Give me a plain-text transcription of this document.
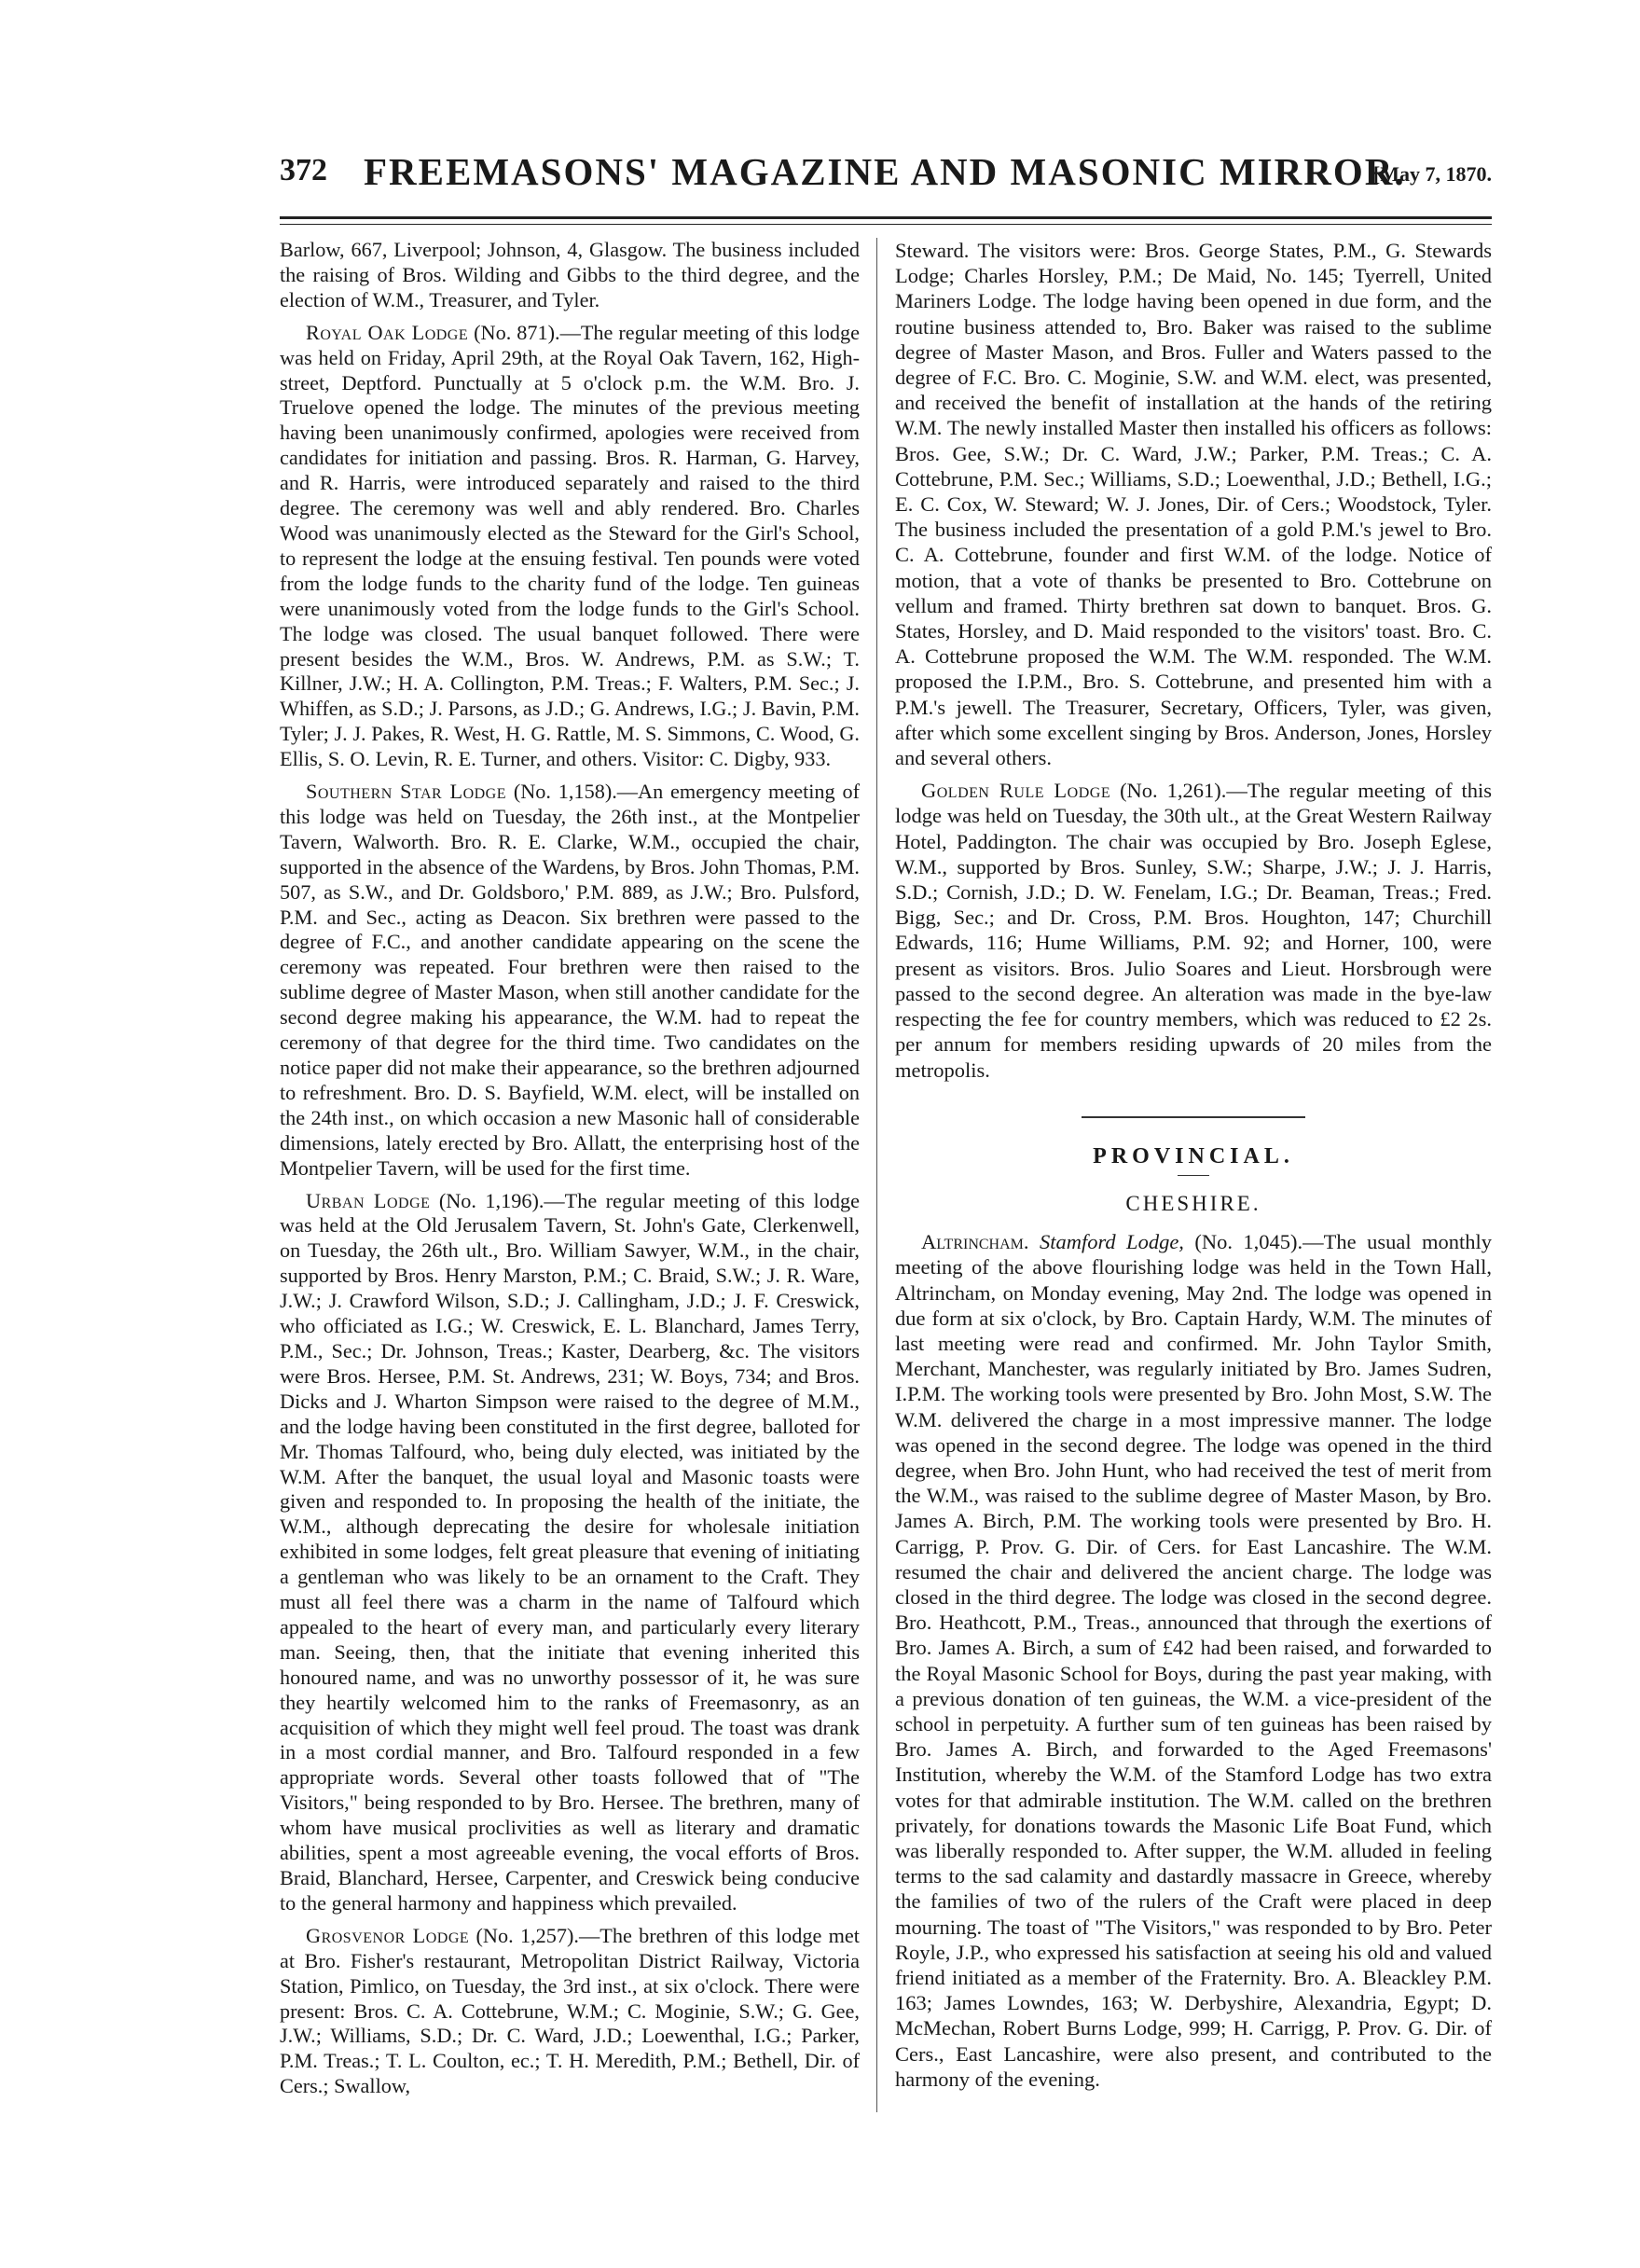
372 FREEMASONS' MAGAZINE AND MASONIC MIRROR.
[May 7, 1870.

Barlow, 667, Liverpool; Johnson, 4, Glasgow. The business included the raising of Bros. Wilding and Gibbs to the third degree, and the election of W.M., Treasurer, and Tyler.

Royal Oak Lodge (No. 871).—The regular meeting of this lodge was held on Friday, April 29th, at the Royal Oak Tavern, 162, High-street, Deptford. Punctually at 5 o'clock p.m. the W.M. Bro. J. Truelove opened the lodge. The minutes of the previous meeting having been unanimously confirmed, apologies were received from candidates for initiation and passing. Bros. R. Harman, G. Harvey, and R. Harris, were introduced separately and raised to the third degree. The ceremony was well and ably rendered. Bro. Charles Wood was unanimously elected as the Steward for the Girl's School, to represent the lodge at the ensuing festival. Ten pounds were voted from the lodge funds to the charity fund of the lodge. Ten guineas were unanimously voted from the lodge funds to the Girl's School. The lodge was closed. The usual banquet followed. There were present besides the W.M., Bros. W. Andrews, P.M. as S.W.; T. Killner, J.W.; H. A. Collington, P.M. Treas.; F. Walters, P.M. Sec.; J. Whiffen, as S.D.; J. Parsons, as J.D.; G. Andrews, I.G.; J. Bavin, P.M. Tyler; J. J. Pakes, R. West, H. G. Rattle, M. S. Simmons, C. Wood, G. Ellis, S. O. Levin, R. E. Turner, and others. Visitor: C. Digby, 933.

Southern Star Lodge (No. 1,158).—An emergency meeting of this lodge was held on Tuesday, the 26th inst., at the Montpelier Tavern, Walworth. Bro. R. E. Clarke, W.M., occupied the chair, supported in the absence of the Wardens, by Bros. John Thomas, P.M. 507, as S.W., and Dr. Goldsboro,' P.M. 889, as J.W.; Bro. Pulsford, P.M. and Sec., acting as Deacon. Six brethren were passed to the degree of F.C., and another candidate appearing on the scene the ceremony was repeated. Four brethren were then raised to the sublime degree of Master Mason, when still another candidate for the second degree making his appearance, the W.M. had to repeat the ceremony of that degree for the third time. Two candidates on the notice paper did not make their appearance, so the brethren adjourned to refreshment. Bro. D. S. Bayfield, W.M. elect, will be installed on the 24th inst., on which occasion a new Masonic hall of considerable dimensions, lately erected by Bro. Allatt, the enterprising host of the Montpelier Tavern, will be used for the first time.

Urban Lodge (No. 1,196).—The regular meeting of this lodge was held at the Old Jerusalem Tavern, St. John's Gate, Clerkenwell, on Tuesday, the 26th ult., Bro. William Sawyer, W.M., in the chair, supported by Bros. Henry Marston, P.M.; C. Braid, S.W.; J. R. Ware, J.W.; J. Crawford Wilson, S.D.; J. Callingham, J.D.; J. F. Creswick, who officiated as I.G.; W. Creswick, E. L. Blanchard, James Terry, P.M., Sec.; Dr. Johnson, Treas.; Kaster, Dearberg, &c. The visitors were Bros. Hersee, P.M. St. Andrews, 231; W. Boys, 734; and Bros. Dicks and J. Wharton Simpson were raised to the degree of M.M., and the lodge having been constituted in the first degree, balloted for Mr. Thomas Talfourd, who, being duly elected, was initiated by the W.M. After the banquet, the usual loyal and Masonic toasts were given and responded to. In proposing the health of the initiate, the W.M., although deprecating the desire for wholesale initiation exhibited in some lodges, felt great pleasure that evening of initiating a gentleman who was likely to be an ornament to the Craft. They must all feel there was a charm in the name of Talfourd which appealed to the heart of every man, and particularly every literary man. Seeing, then, that the initiate that evening inherited this honoured name, and was no unworthy possessor of it, he was sure they heartily welcomed him to the ranks of Freemasonry, as an acquisition of which they might well feel proud. The toast was drank in a most cordial manner, and Bro. Talfourd responded in a few appropriate words. Several other toasts followed that of "The Visitors," being responded to by Bro. Hersee. The brethren, many of whom have musical proclivities as well as literary and dramatic abilities, spent a most agreeable evening, the vocal efforts of Bros. Braid, Blanchard, Hersee, Carpenter, and Creswick being conducive to the general harmony and happiness which prevailed.

Grosvenor Lodge (No. 1,257).—The brethren of this lodge met at Bro. Fisher's restaurant, Metropolitan District Railway, Victoria Station, Pimlico, on Tuesday, the 3rd inst., at six o'clock. There were present: Bros. C. A. Cottebrune, W.M.; C. Moginie, S.W.; G. Gee, J.W.; Williams, S.D.; Dr. C. Ward, J.D.; Loewenthal, I.G.; Parker, P.M. Treas.; T. L. Coulton, ec.; T. H. Meredith, P.M.; Bethell, Dir. of Cers.; Swallow,

Steward. The visitors were: Bros. George States, P.M., G. Stewards Lodge; Charles Horsley, P.M.; De Maid, No. 145; Tyerrell, United Mariners Lodge. The lodge having been opened in due form, and the routine business attended to, Bro. Baker was raised to the sublime degree of Master Mason, and Bros. Fuller and Waters passed to the degree of F.C. Bro. C. Moginie, S.W. and W.M. elect, was presented, and received the benefit of installation at the hands of the retiring W.M. The newly installed Master then installed his officers as follows: Bros. Gee, S.W.; Dr. C. Ward, J.W.; Parker, P.M. Treas.; C. A. Cottebrune, P.M. Sec.; Williams, S.D.; Loewenthal, J.D.; Bethell, I.G.; E. C. Cox, W. Steward; W. J. Jones, Dir. of Cers.; Woodstock, Tyler. The business included the presentation of a gold P.M.'s jewel to Bro. C. A. Cottebrune, founder and first W.M. of the lodge. Notice of motion, that a vote of thanks be presented to Bro. Cottebrune on vellum and framed. Thirty brethren sat down to banquet. Bros. G. States, Horsley, and D. Maid responded to the visitors' toast. Bro. C. A. Cottebrune proposed the W.M. The W.M. responded. The W.M. proposed the I.P.M., Bro. S. Cottebrune, and presented him with a P.M.'s jewell. The Treasurer, Secretary, Officers, Tyler, was given, after which some excellent singing by Bros. Anderson, Jones, Horsley and several others.

Golden Rule Lodge (No. 1,261).—The regular meeting of this lodge was held on Tuesday, the 30th ult., at the Great Western Railway Hotel, Paddington. The chair was occupied by Bro. Joseph Eglese, W.M., supported by Bros. Sunley, S.W.; Sharpe, J.W.; J. J. Harris, S.D.; Cornish, J.D.; D. W. Fenelam, I.G.; Dr. Beaman, Treas.; Fred. Bigg, Sec.; and Dr. Cross, P.M. Bros. Houghton, 147; Churchill Edwards, 116; Hume Williams, P.M. 92; and Horner, 100, were present as visitors. Bros. Julio Soares and Lieut. Horsbrough were passed to the second degree. An alteration was made in the bye-law respecting the fee for country members, which was reduced to £2 2s. per annum for members residing upwards of 20 miles from the metropolis.

PROVINCIAL.
CHESHIRE.

Altrincham. Stamford Lodge, (No. 1,045).—The usual monthly meeting of the above flourishing lodge was held in the Town Hall, Altrincham, on Monday evening, May 2nd. The lodge was opened in due form at six o'clock, by Bro. Captain Hardy, W.M. The minutes of last meeting were read and confirmed. Mr. John Taylor Smith, Merchant, Manchester, was regularly initiated by Bro. James Sudren, I.P.M. The working tools were presented by Bro. John Most, S.W. The W.M. delivered the charge in a most impressive manner. The lodge was opened in the second degree. The lodge was opened in the third degree, when Bro. John Hunt, who had received the test of merit from the W.M., was raised to the sublime degree of Master Mason, by Bro. James A. Birch, P.M. The working tools were presented by Bro. H. Carrigg, P. Prov. G. Dir. of Cers. for East Lancashire. The W.M. resumed the chair and delivered the ancient charge. The lodge was closed in the third degree. The lodge was closed in the second degree. Bro. Heathcott, P.M., Treas., announced that through the exertions of Bro. James A. Birch, a sum of £42 had been raised, and forwarded to the Royal Masonic School for Boys, during the past year making, with a previous donation of ten guineas, the W.M. a vice-president of the school in perpetuity. A further sum of ten guineas has been raised by Bro. James A. Birch, and forwarded to the Aged Freemasons' Institution, whereby the W.M. of the Stamford Lodge has two extra votes for that admirable institution. The W.M. called on the brethren privately, for donations towards the Masonic Life Boat Fund, which was liberally responded to. After supper, the W.M. alluded in feeling terms to the sad calamity and dastardly massacre in Greece, whereby the families of two of the rulers of the Craft were placed in deep mourning. The toast of "The Visitors," was responded to by Bro. Peter Royle, J.P., who expressed his satisfaction at seeing his old and valued friend initiated as a member of the Fraternity. Bro. A. Bleackley P.M. 163; James Lowndes, 163; W. Derbyshire, Alexandria, Egypt; D. McMechan, Robert Burns Lodge, 999; H. Carrigg, P. Prov. G. Dir. of Cers., East Lancashire, were also present, and contributed to the harmony of the evening.
